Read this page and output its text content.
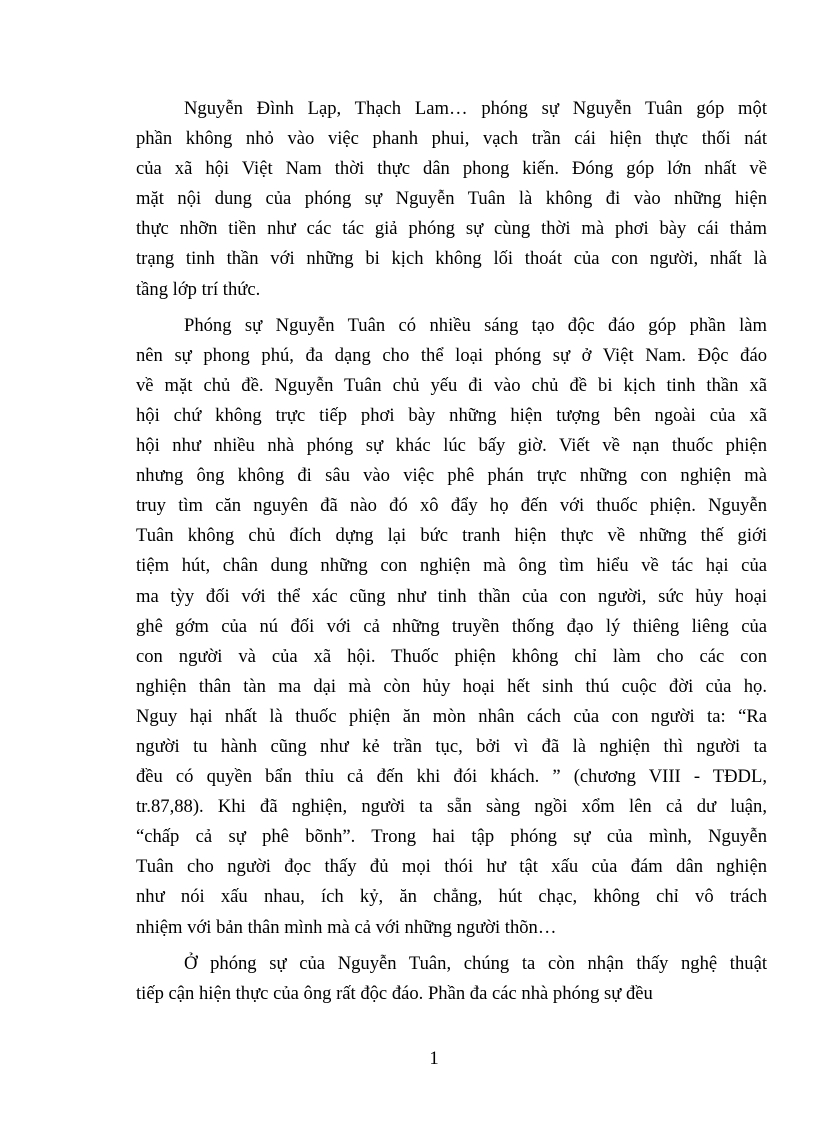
Nguyễn Đình Lạp, Thạch Lam… phóng sự Nguyễn Tuân góp một
phần không nhỏ vào việc phanh phui, vạch trần cái hiện thực thối nát
của xã hội Việt Nam thời thực dân phong kiến. Đóng góp lớn nhất về
mặt nội dung của phóng sự Nguyễn Tuân là không đi vào những hiện
thực nhỡn tiền như các tác giả phóng sự cùng thời mà phơi bày cái thảm
trạng tinh thần với những bi kịch không lối thoát của con người, nhất là
tầng lớp trí thức.
Phóng sự Nguyễn Tuân có nhiều sáng tạo độc đáo góp phần làm
nên sự phong phú, đa dạng cho thể loại phóng sự ở Việt Nam. Độc đáo
về mặt chủ đề. Nguyễn Tuân chủ yếu đi vào chủ đề bi kịch tinh thần xã
hội chứ không trực tiếp phơi bày những hiện tượng bên ngoài của xã
hội như nhiều nhà phóng sự khác lúc bấy giờ. Viết về nạn thuốc phiện
nhưng ông không đi sâu vào việc phê phán trực những con nghiện mà
truy tìm căn nguyên đã nào đó xô đẩy họ đến với thuốc phiện. Nguyễn
Tuân không chủ đích dựng lại bức tranh hiện thực về những thế giới
tiệm hút, chân dung những con nghiện mà ông tìm hiểu về tác hại của
ma tỳy đối với thể xác cũng như tinh thần của con người, sức hủy hoại
ghê gớm của nú đối với cả những truyền thống đạo lý thiêng liêng của
con người và của xã hội. Thuốc phiện không chỉ làm cho các con
nghiện thân tàn ma dại mà còn hủy hoại hết sinh thú cuộc đời của họ.
Nguy hại nhất là thuốc phiện ăn mòn nhân cách của con người ta: “Ra
người tu hành cũng như kẻ trần tục, bởi vì đã là nghiện thì người ta
đều có quyền bẩn thỉu cả đến khi đói khách. ” (chương VIII - TĐDL,
tr.87,88). Khi đã nghiện, người ta sẵn sàng ngồi xổm lên cả dư luận,
“chấp cả sự phê bõnh”. Trong hai tập phóng sự của mình, Nguyễn
Tuân cho người đọc thấy đủ mọi thói hư tật xấu của đám dân nghiện
như nói xấu nhau, ích kỷ, ăn chẳng, hút chạc, không chỉ vô trách
nhiệm với bản thân mình mà cả với những người thõn…
Ở phóng sự của Nguyễn Tuân, chúng ta còn nhận thấy nghệ thuật
tiếp cận hiện thực của ông rất độc đáo. Phần đa các nhà phóng sự đều
1
